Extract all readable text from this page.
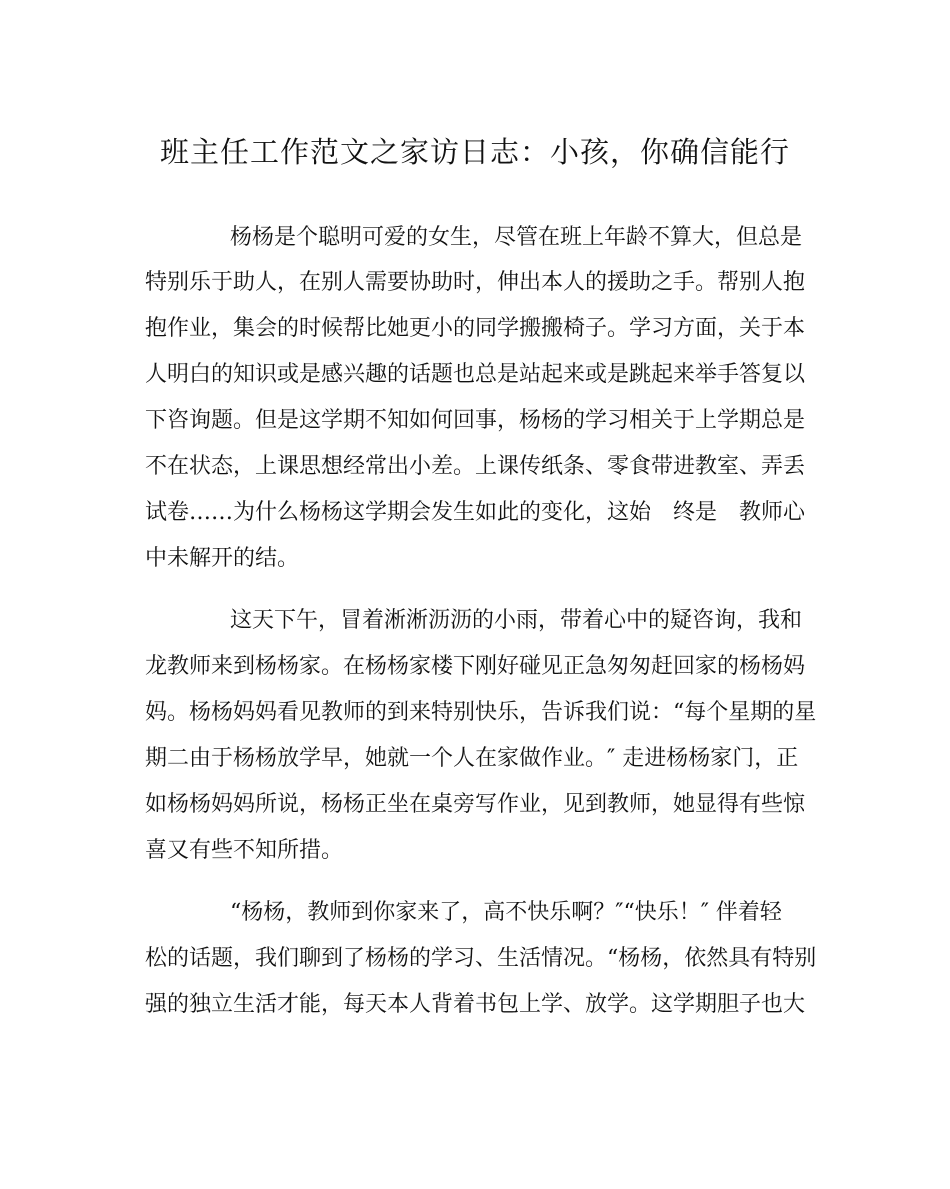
班主任工作范文之家访日志：小孩，你确信能行
杨杨是个聪明可爱的女生，尽管在班上年龄不算大，但总是
特别乐于助人，在别人需要协助时，伸出本人的援助之手。帮别人抱
抱作业，集会的时候帮比她更小的同学搬搬椅子。学习方面，关于本
人明白的知识或是感兴趣的话题也总是站起来或是跳起来举手答复以
下咨询题。但是这学期不知如何回事，杨杨的学习相关于上学期总是
不在状态，上课思想经常出小差。上课传纸条、零食带进教室、弄丢
试卷……为什么杨杨这学期会发生如此的变化，这始　终是　教师心
中未解开的结。
这天下午，冒着淅淅沥沥的小雨，带着心中的疑咨询，我和
龙教师来到杨杨家。在杨杨家楼下刚好碰见正急匆匆赶回家的杨杨妈
妈。杨杨妈妈看见教师的到来特别快乐，告诉我们说：“每个星期的星
期二由于杨杨放学早，她就一个人在家做作业。″ 走进杨杨家门，正
如杨杨妈妈所说，杨杨正坐在桌旁写作业，见到教师，她显得有些惊
喜又有些不知所措。
“杨杨，教师到你家来了，高不快乐啊？″“快乐！″ 伴着轻
松的话题，我们聊到了杨杨的学习、生活情况。“杨杨，依然具有特别
强的独立生活才能，每天本人背着书包上学、放学。这学期胆子也大
